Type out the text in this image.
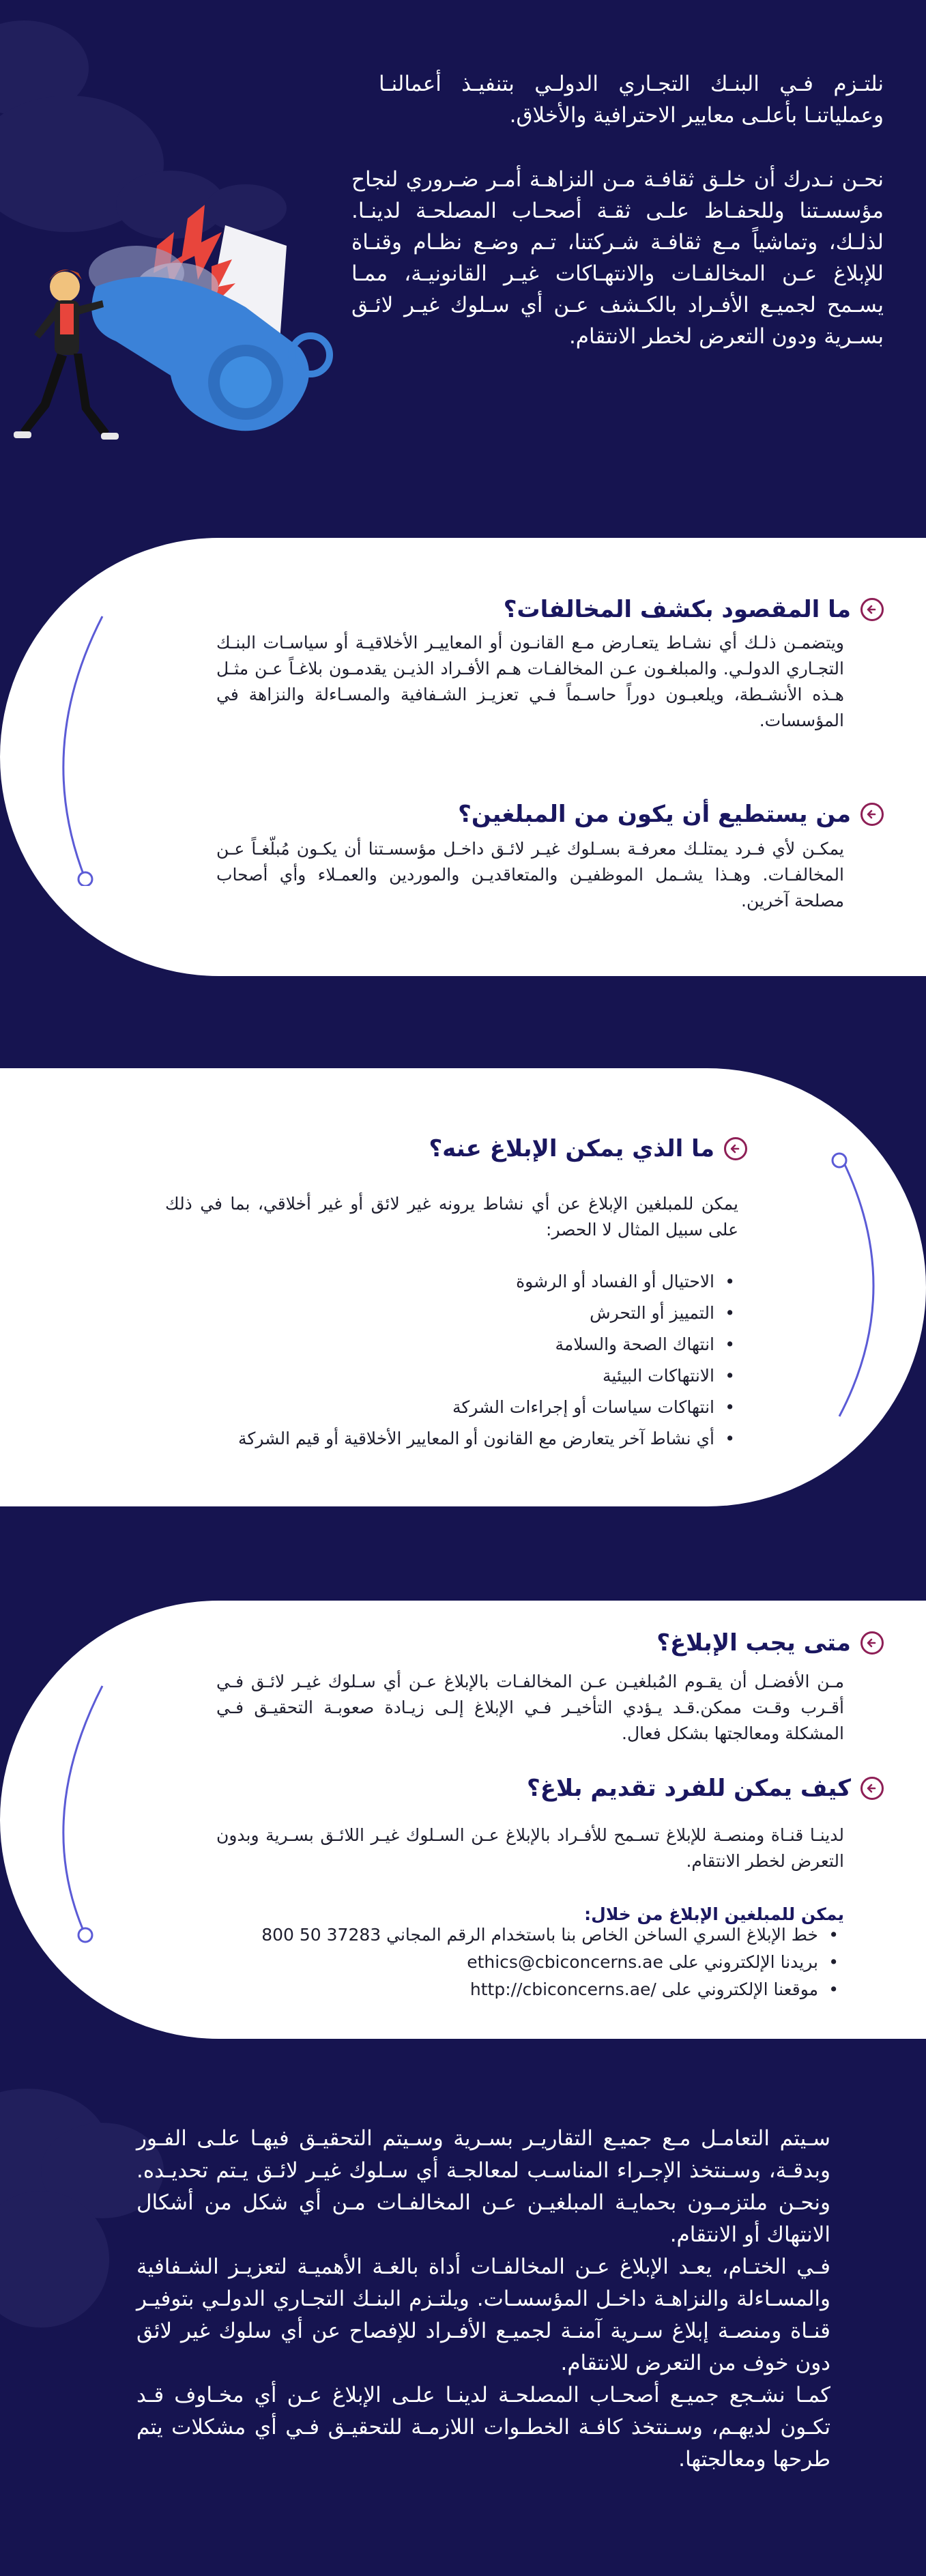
نلتـزم فـي البنـك التجـاري الدولـي بتنفيـذ أعمالنـا وعملياتنـا بأعلـى معايير الاحترافية والأخلاق.

نحـن نـدرك أن خلـق ثقافـة مـن النزاهـة أمـر ضـروري لنجاح مؤسسـتنا وللحفـاظ علـى ثقـة أصحـاب المصلحـة لدينـا. لذلـك، وتماشياً مـع ثقافـة شـركتنا، تـم وضـع نظـام وقنـاة للإبلاغ عـن المخالفـات والانتهـاكات غيـر القانونيـة، ممـا يسـمح لجميـع الأفـراد بالكـشف عـن أي سـلوك غيـر لائـق بسـرية ودون التعرض لخطر الانتقام.

ما المقصود بكشف المخالفات؟

ويتضمـن ذلـك أي نشـاط يتعـارض مـع القانـون أو المعاييـر الأخلاقيـة أو سياسـات البنـك التجـاري الدولـي. والمبلغـون عـن المخالفـات هـم الأفـراد الذيـن يقدمـون بلاغـاً عـن مثـل هـذه الأنشـطة، ويلعبـون دوراً حاسـماً فـي تعزيـز الشـفافية والمسـاءلة والنزاهة في المؤسسات.

من يستطيع أن يكون من المبلغين؟

يمكـن لأي فـرد يمتلـك معرفـة بسـلوك غيـر لائـق داخـل مؤسسـتنا أن يكـون مُبلّغـاً عـن المخالفـات. وهـذا يشـمل الموظفيـن والمتعاقديـن والموردين والعمـلاء وأي أصحاب مصلحة آخرين.

ما الذي يمكن الإبلاغ عنه؟

يمكن للمبلغين الإبلاغ عن أي نشاط يرونه غير لائق أو غير أخلاقي، بما في ذلك على سبيل المثال لا الحصر:

• الاحتيال أو الفساد أو الرشوة
• التمييز أو التحرش
• انتهاك الصحة والسلامة
• الانتهاكات البيئية
• انتهاكات سياسات أو إجراءات الشركة
• أي نشاط آخر يتعارض مع القانون أو المعايير الأخلاقية أو قيم الشركة
متى يجب الإبلاغ؟

مـن الأفضـل أن يقـوم المُبلغيـن عـن المخالفـات بالإبلاغ عـن أي سـلوك غيـر لائـق فـي أقـرب وقـت ممكن.قـد يـؤدي التأخيـر فـي الإبلاغ إلـى زيـادة صعوبـة التحقيـق فـي المشكلة ومعالجتها بشكل فعال.

كيف يمكن للفرد تقديم بلاغ؟

لدينـا قنـاة ومنصـة للإبلاغ تسـمح للأفـراد بالإبلاغ عـن السـلوك غيـر اللائـق بسـرية وبدون التعرض لخطر الانتقام.

يمكن للمبلغين الإبلاغ من خلال:
• خط الإبلاغ السري الساخن الخاص بنا باستخدام الرقم المجاني 37283 50 800
• بريدنا الإلكتروني على ethics@cbiconcerns.ae
• موقعنا الإلكتروني على /http://cbiconcerns.ae

سـيتم التعامـل مـع جميـع التقاريـر بسـرية وسـيتم التحقيـق فيهـا علـى الفـور وبدقـة، وسـنتخذ الإجـراء المناسـب لمعالجـة أي سـلوك غيـر لائـق يـتم تحديـده. ونحـن ملتزمـون بحمايـة المبلغيـن عـن المخالفـات مـن أي شكل من أشكال الانتهاك أو الانتقام.

فـي الختـام، يعـد الإبلاغ عـن المخالفـات أداة بالغـة الأهميـة لتعزيـز الشـفافية والمسـاءلة والنزاهـة داخـل المؤسسـات. ويلتـزم البنـك التجـاري الدولـي بتوفيـر قنـاة ومنصـة إبلاغ سـرية آمنـة لجميـع الأفـراد للإفصاح عن أي سلوك غير لائق دون خوف من التعرض للانتقام.

كمـا نشـجع جميـع أصحـاب المصلحـة لدينـا علـى الإبلاغ عـن أي مخـاوف قـد تكـون لديهـم، وسـنتخذ كافـة الخطـوات اللازمـة للتحقيـق فـي أي مشكلات يتم طرحها ومعالجتها.
